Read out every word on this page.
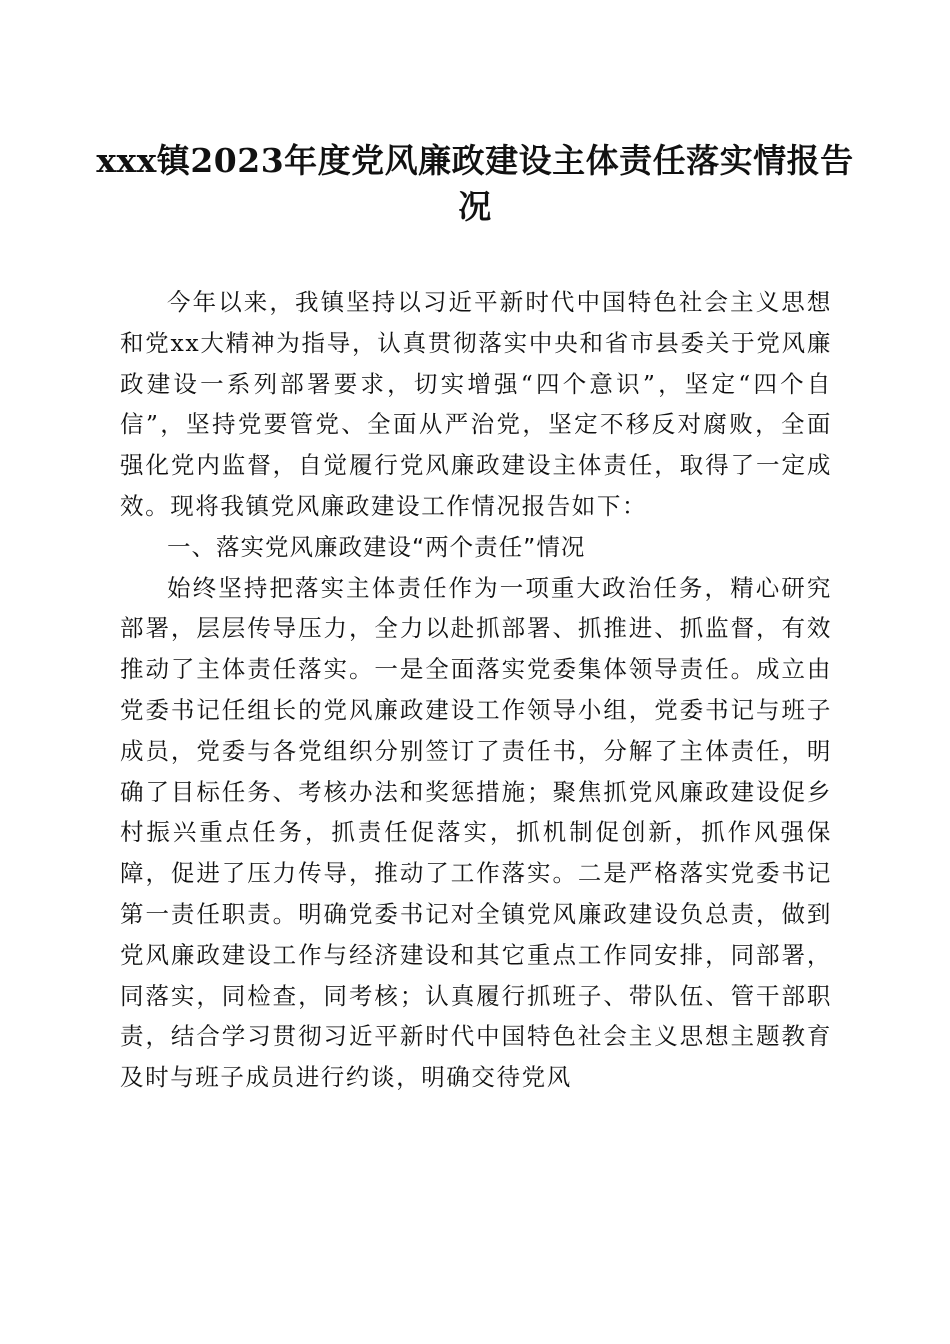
xxx镇2023年度党风廉政建设主体责任落实情报告况

今年以来，我镇坚持以习近平新时代中国特色社会主义思想和党xx大精神为指导，认真贯彻落实中央和省市县委关于党风廉政建设一系列部署要求，切实增强“四个意识”，坚定“四个自信”，坚持党要管党、全面从严治党，坚定不移反对腐败，全面强化党内监督，自觉履行党风廉政建设主体责任，取得了一定成效。现将我镇党风廉政建设工作情况报告如下：

一、落实党风廉政建设“两个责任”情况

始终坚持把落实主体责任作为一项重大政治任务，精心研究部署，层层传导压力，全力以赴抓部署、抓推进、抓监督，有效推动了主体责任落实。一是全面落实党委集体领导责任。成立由党委书记任组长的党风廉政建设工作领导小组，党委书记与班子成员，党委与各党组织分别签订了责任书，分解了主体责任，明确了目标任务、考核办法和奖惩措施；聚焦抓党风廉政建设促乡村振兴重点任务，抓责任促落实，抓机制促创新，抓作风强保障，促进了压力传导，推动了工作落实。二是严格落实党委书记第一责任职责。明确党委书记对全镇党风廉政建设负总责，做到党风廉政建设工作与经济建设和其它重点工作同安排，同部署，同落实，同检查，同考核；认真履行抓班子、带队伍、管干部职责，结合学习贯彻习近平新时代中国特色社会主义思想主题教育及时与班子成员进行约谈，明确交待党风
